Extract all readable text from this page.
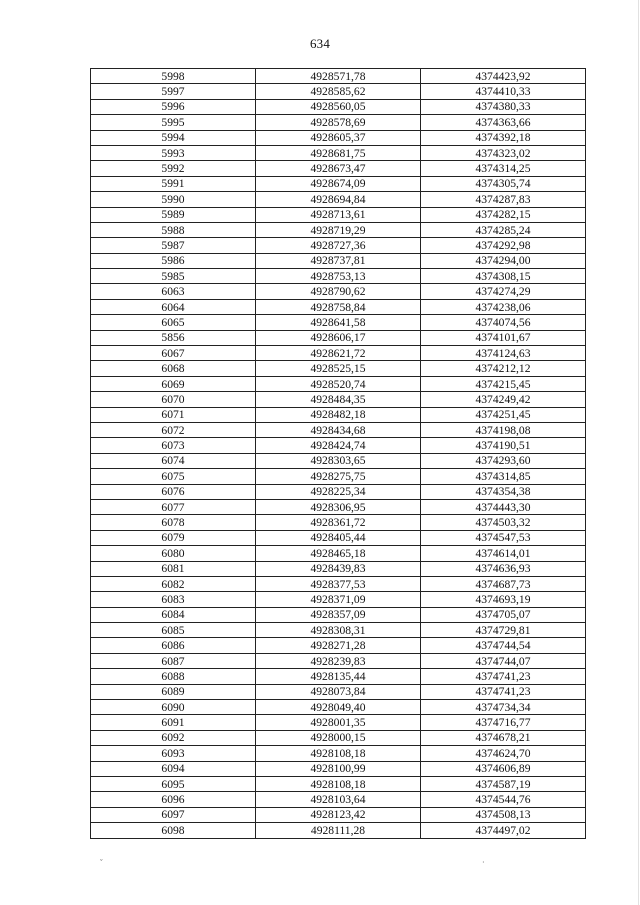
634
5998	4928571,78	4374423,92
5997	4928585,62	4374410,33
5996	4928560,05	4374380,33
5995	4928578,69	4374363,66
5994	4928605,37	4374392,18
5993	4928681,75	4374323,02
5992	4928673,47	4374314,25
5991	4928674,09	4374305,74
5990	4928694,84	4374287,83
5989	4928713,61	4374282,15
5988	4928719,29	4374285,24
5987	4928727,36	4374292,98
5986	4928737,81	4374294,00
5985	4928753,13	4374308,15
6063	4928790,62	4374274,29
6064	4928758,84	4374238,06
6065	4928641,58	4374074,56
5856	4928606,17	4374101,67
6067	4928621,72	4374124,63
6068	4928525,15	4374212,12
6069	4928520,74	4374215,45
6070	4928484,35	4374249,42
6071	4928482,18	4374251,45
6072	4928434,68	4374198,08
6073	4928424,74	4374190,51
6074	4928303,65	4374293,60
6075	4928275,75	4374314,85
6076	4928225,34	4374354,38
6077	4928306,95	4374443,30
6078	4928361,72	4374503,32
6079	4928405,44	4374547,53
6080	4928465,18	4374614,01
6081	4928439,83	4374636,93
6082	4928377,53	4374687,73
6083	4928371,09	4374693,19
6084	4928357,09	4374705,07
6085	4928308,31	4374729,81
6086	4928271,28	4374744,54
6087	4928239,83	4374744,07
6088	4928135,44	4374741,23
6089	4928073,84	4374741,23
6090	4928049,40	4374734,34
6091	4928001,35	4374716,77
6092	4928000,15	4374678,21
6093	4928108,18	4374624,70
6094	4928100,99	4374606,89
6095	4928108,18	4374587,19
6096	4928103,64	4374544,76
6097	4928123,42	4374508,13
6098	4928111,28	4374497,02
ˇ	·
